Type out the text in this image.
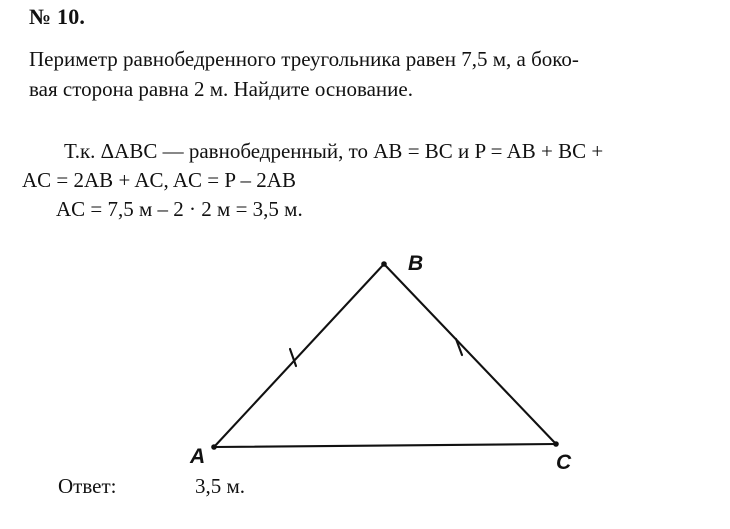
№ 10.
Периметр равнобедренного треугольника равен 7,5 м, а боко-
вая сторона равна 2 м. Найдите основание.
Т.к. ΔABC — равнобедренный, то AB = BC и P = AB + BC +
AC = 2AB + AC, AC = P – 2AB
AC = 7,5 м – 2 · 2 м = 3,5 м.
B
A	C
Ответ:	3,5 м.
